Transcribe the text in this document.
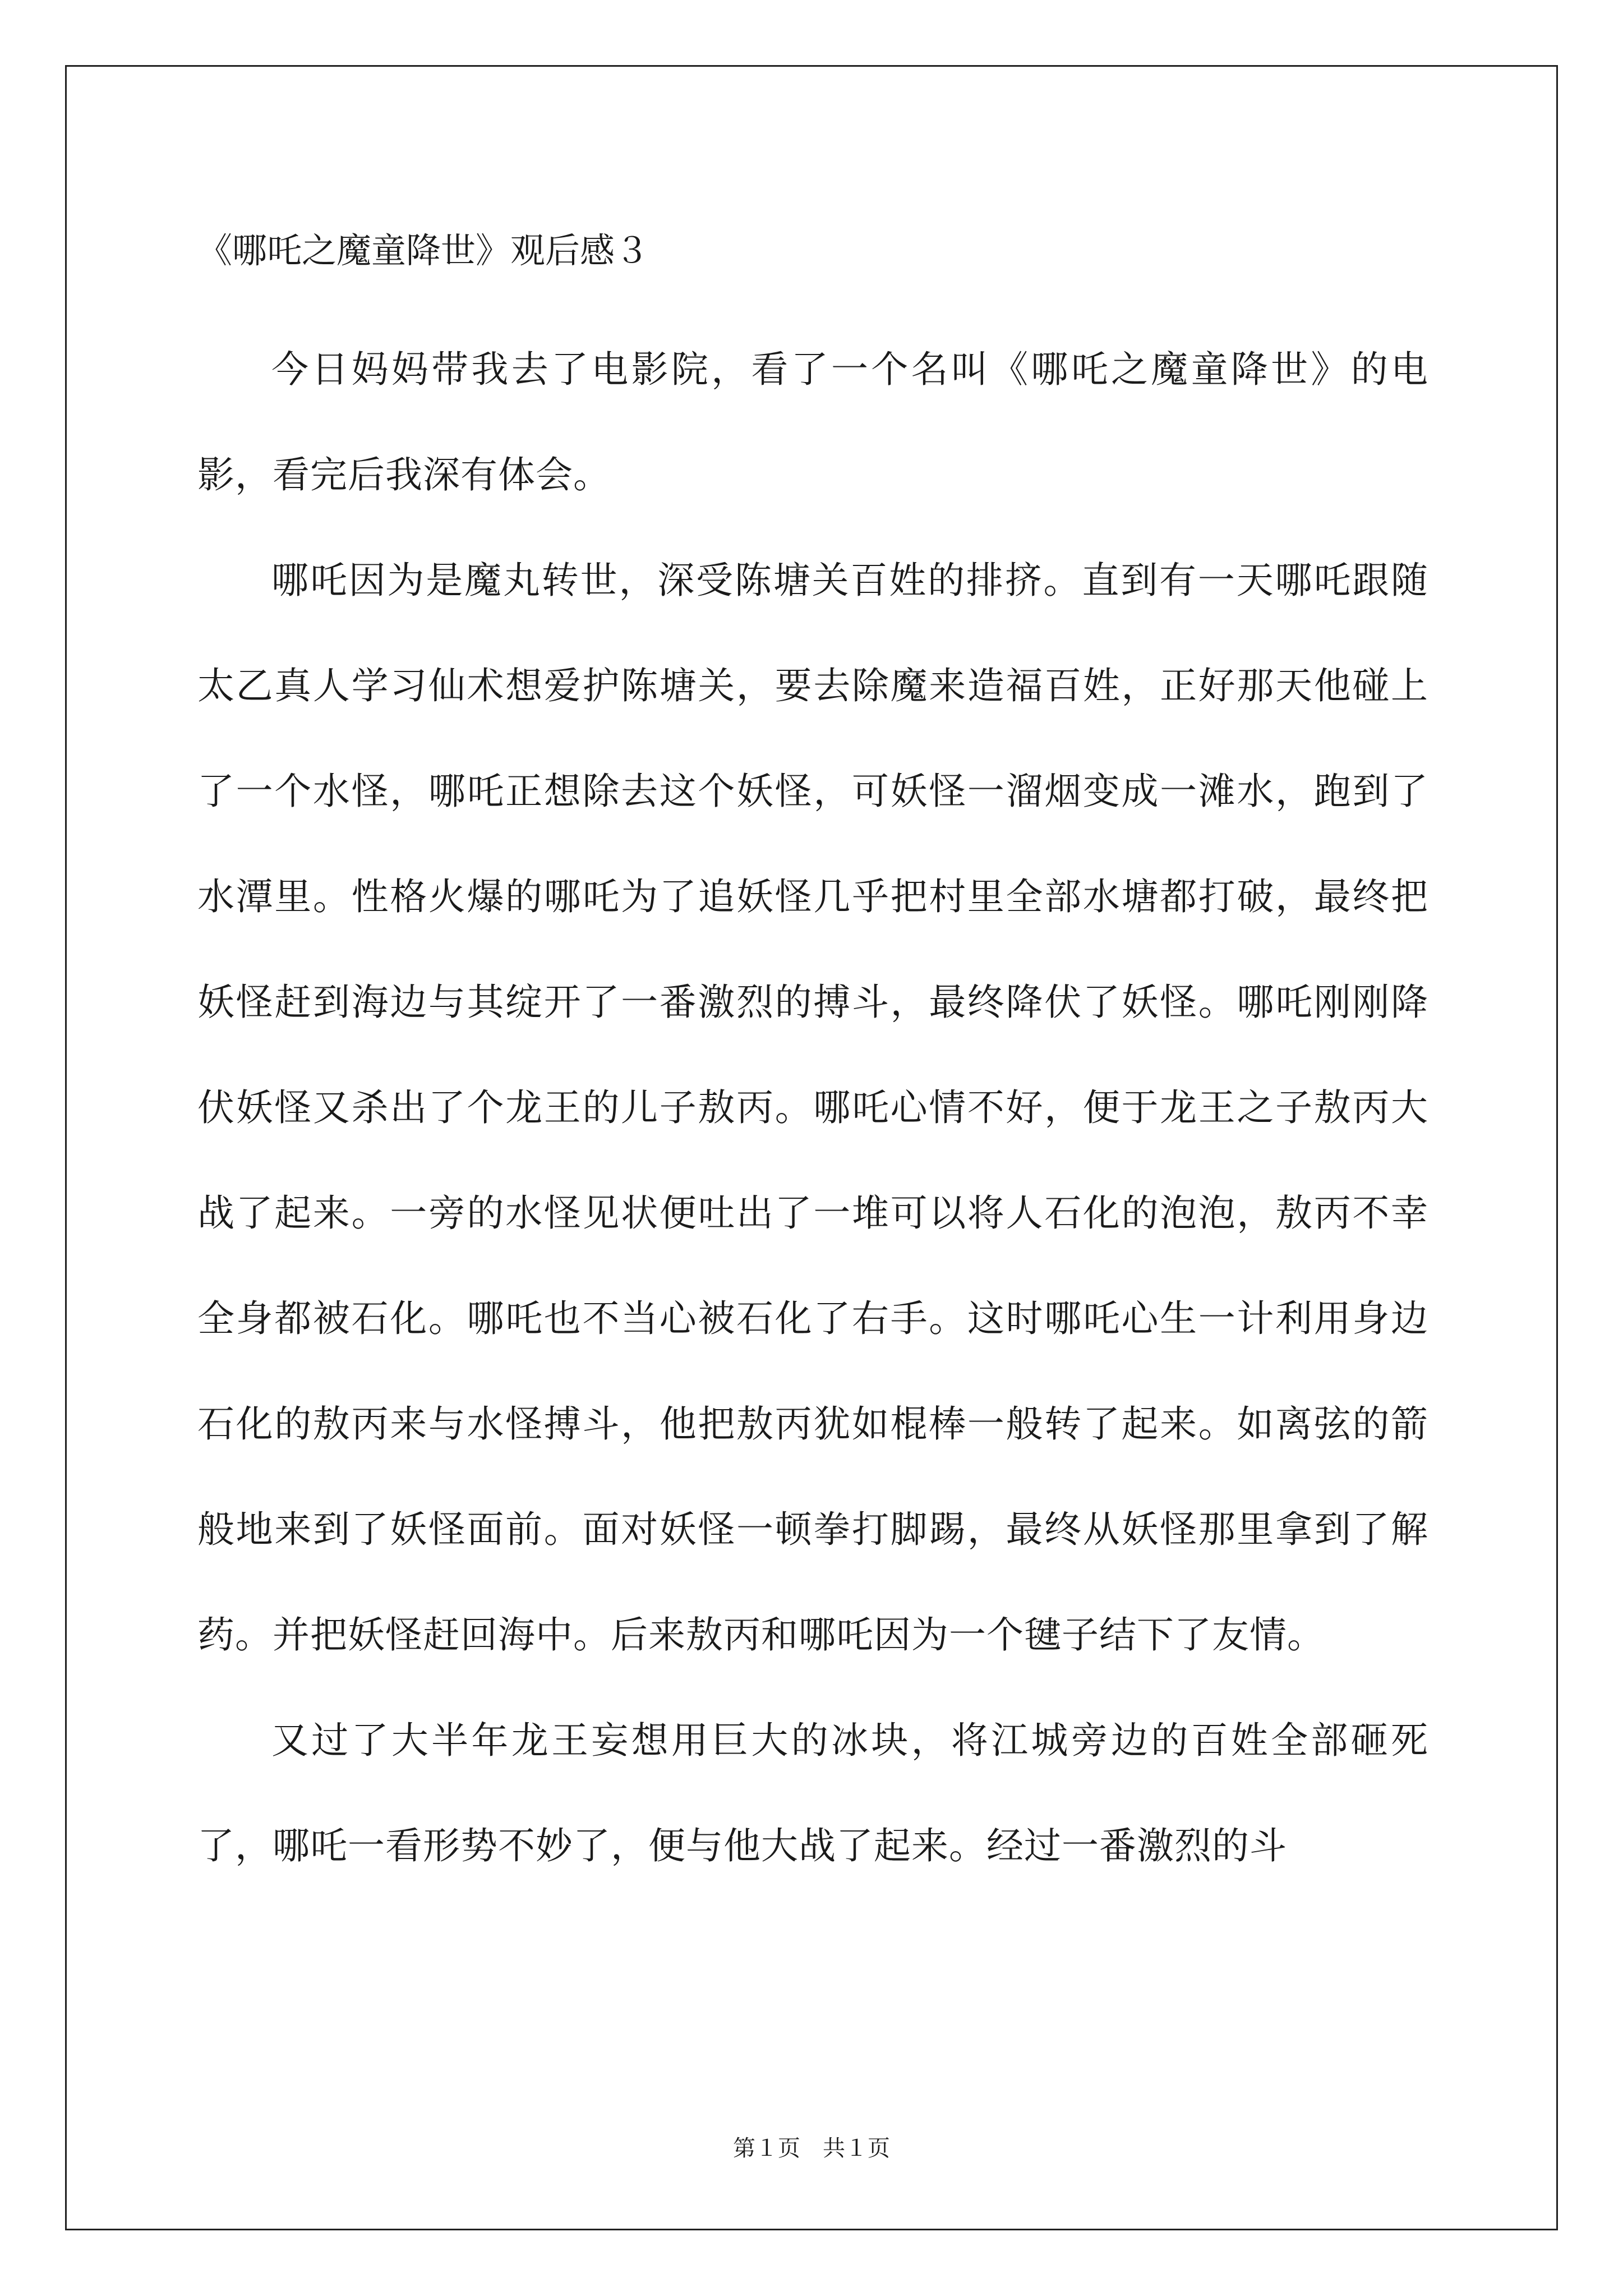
《哪吒之魔童降世》观后感３

今日妈妈带我去了电影院，看了一个名叫《哪吒之魔童降世》的电影，看完后我深有体会。

哪吒因为是魔丸转世，深受陈塘关百姓的排挤。直到有一天哪吒跟随太乙真人学习仙术想爱护陈塘关，要去除魔来造福百姓，正好那天他碰上了一个水怪，哪吒正想除去这个妖怪，可妖怪一溜烟变成一滩水，跑到了水潭里。性格火爆的哪吒为了追妖怪几乎把村里全部水塘都打破，最终把妖怪赶到海边与其绽开了一番激烈的搏斗，最终降伏了妖怪。哪吒刚刚降伏妖怪又杀出了个龙王的儿子敖丙。哪吒心情不好，便于龙王之子敖丙大战了起来。一旁的水怪见状便吐出了一堆可以将人石化的泡泡，敖丙不幸全身都被石化。哪吒也不当心被石化了右手。这时哪吒心生一计利用身边石化的敖丙来与水怪搏斗，他把敖丙犹如棍棒一般转了起来。如离弦的箭般地来到了妖怪面前。面对妖怪一顿拳打脚踢，最终从妖怪那里拿到了解药。并把妖怪赶回海中。后来敖丙和哪吒因为一个毽子结下了友情。

又过了大半年龙王妄想用巨大的冰块，将江城旁边的百姓全部砸死了，哪吒一看形势不妙了，便与他大战了起来。经过一番激烈的斗

第１页　共１页
